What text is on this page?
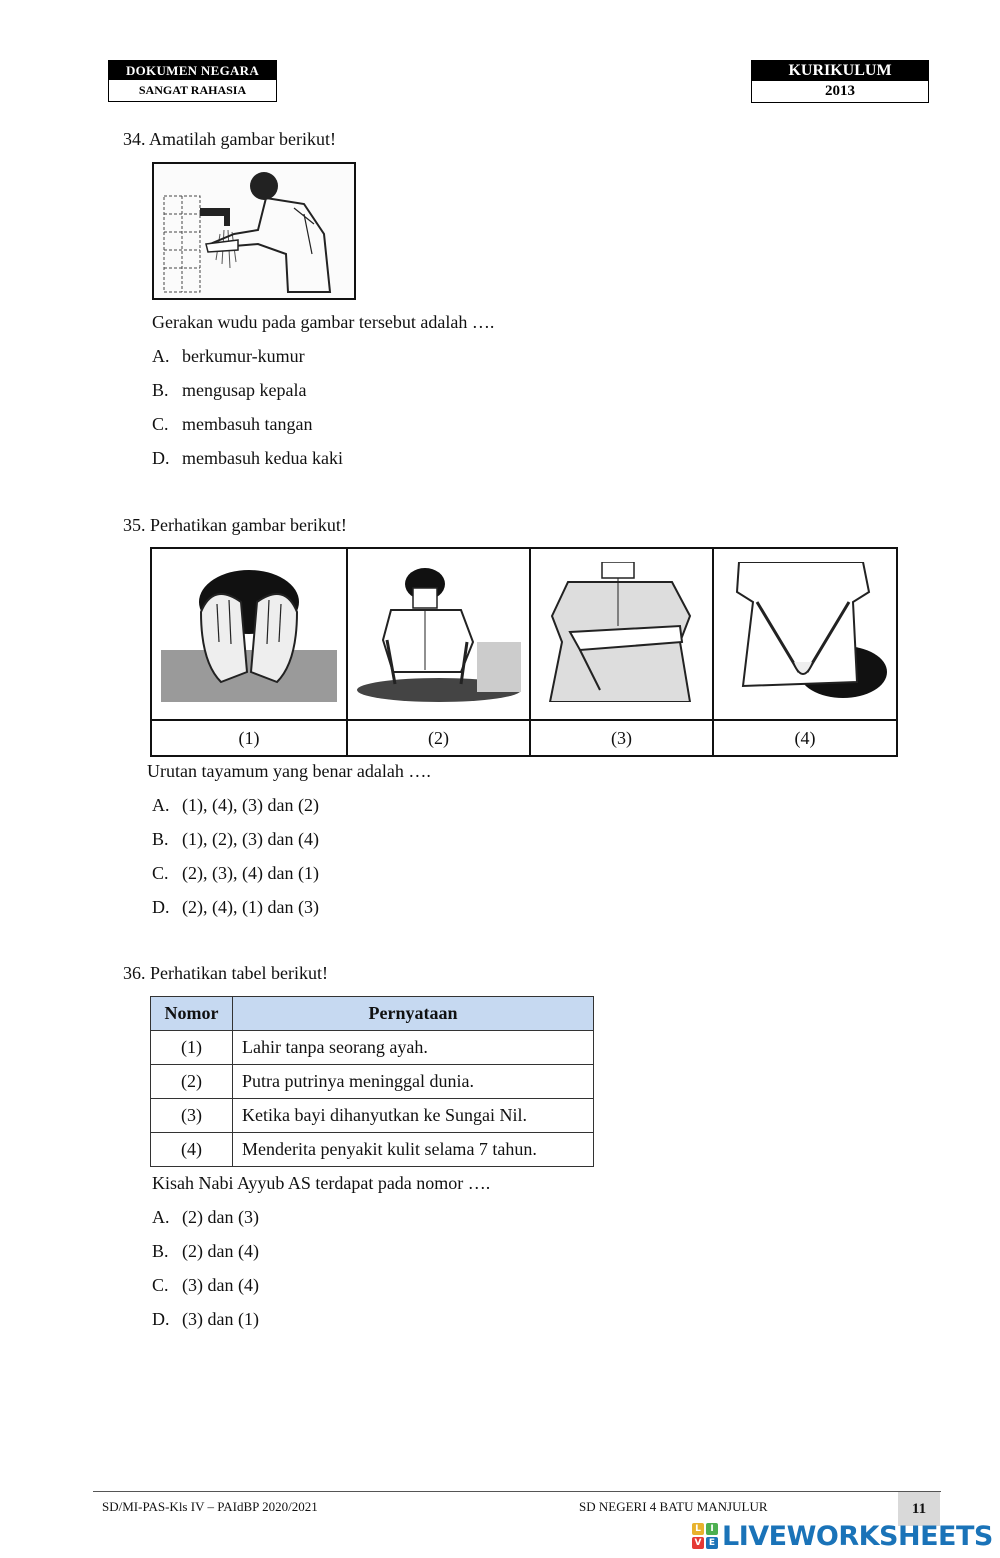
DOKUMEN NEGARA
SANGAT RAHASIA
KURIKULUM
2013
34. Amatilah gambar berikut!
Gerakan wudu pada gambar tersebut adalah ….
A. berkumur-kumur
B. mengusap kepala
C. membasuh tangan
D. membasuh kedua kaki
35. Perhatikan gambar berikut!

(1)	(2)	(3)	(4)
Urutan tayamum yang benar adalah ….
A. (1), (4), (3) dan (2)
B. (1), (2), (3) dan (4)
C. (2), (3), (4) dan (1)
D. (2), (4), (1) dan (3)
36. Perhatikan tabel berikut!
Nomor	Pernyataan
(1)	Lahir tanpa seorang ayah.
(2)	Putra putrinya meninggal dunia.
(3)	Ketika bayi dihanyutkan ke Sungai Nil.
(4)	Menderita penyakit kulit selama 7 tahun.
Kisah Nabi Ayyub AS terdapat pada nomor ….
A. (2) dan (3)
B. (2) dan (4)
C. (3) dan (4)
D. (3) dan (1)
SD/MI-PAS-Kls IV – PAIdBP 2020/2021	SD NEGERI 4 BATU MANJULUR	11
L	I
V E LIVEWORKSHEETS
